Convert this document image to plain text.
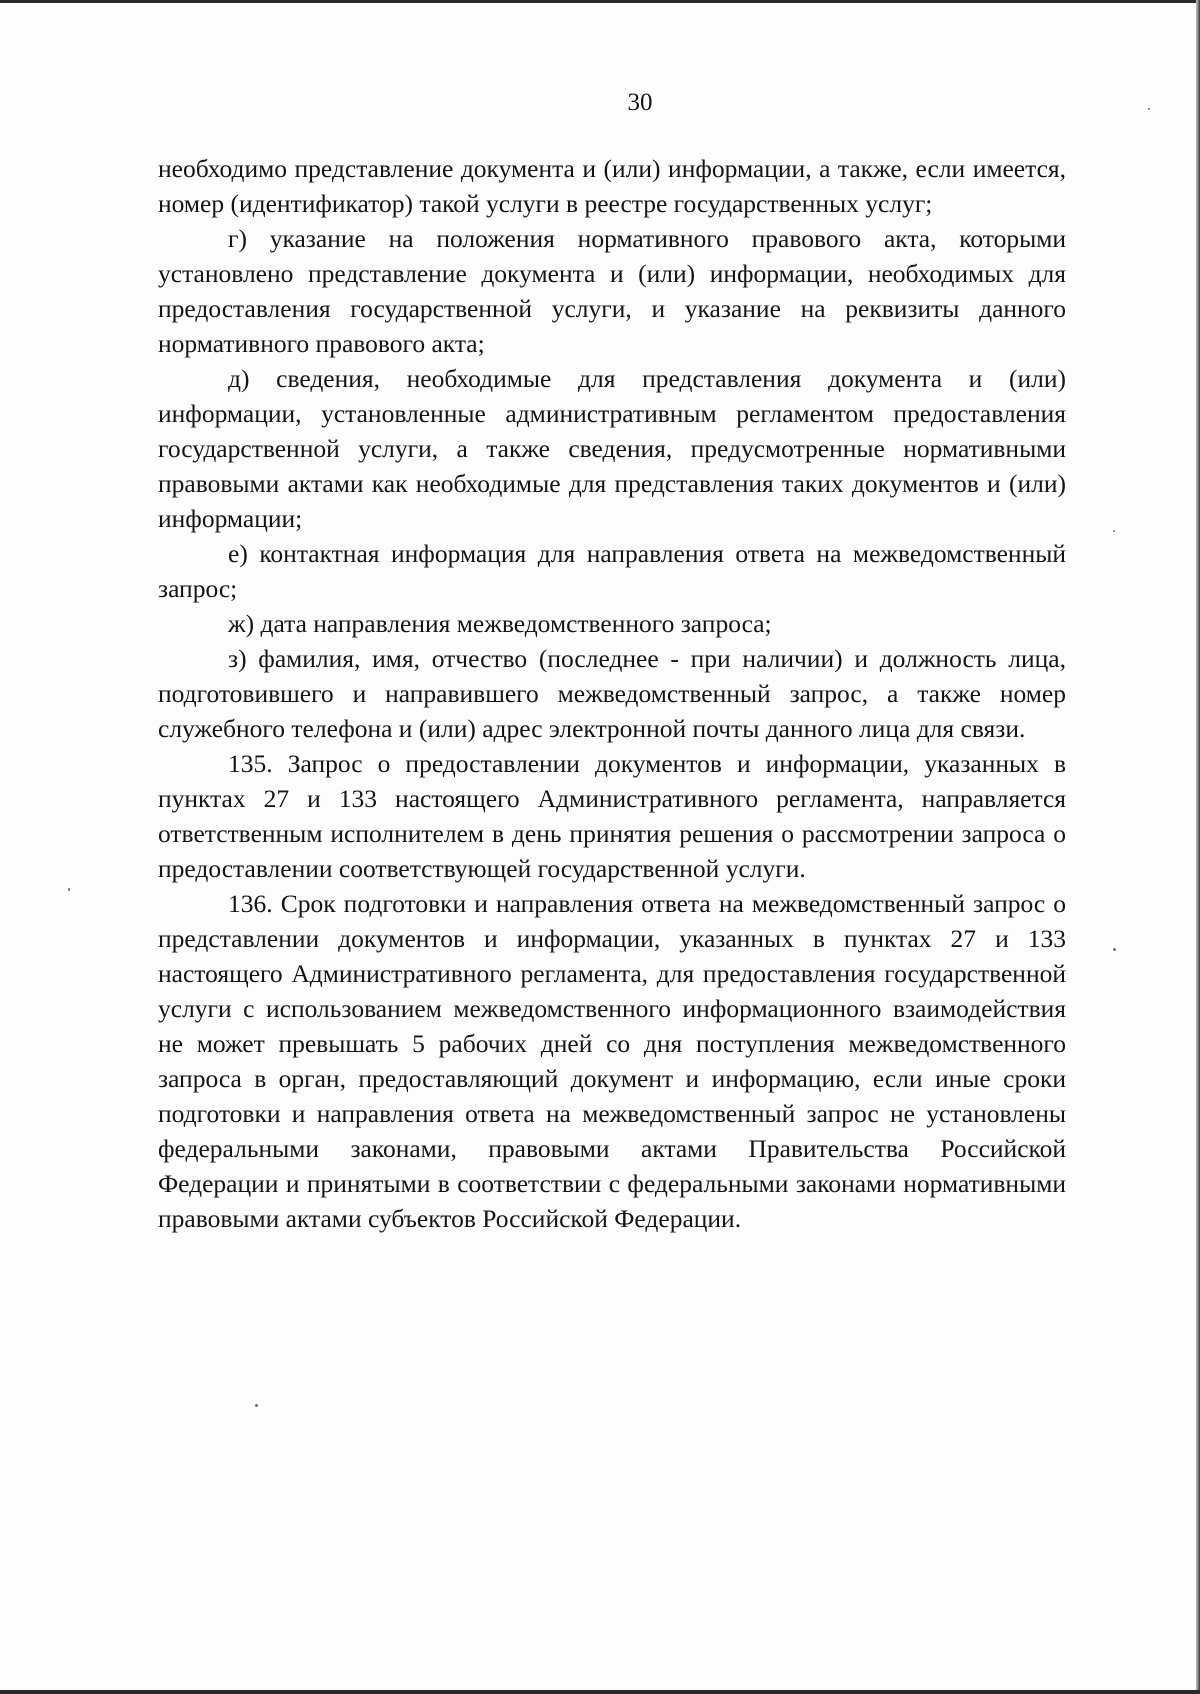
30

необходимо представление документа и (или) информации, а также, если имеется, номер (идентификатор) такой услуги в реестре государственных услуг;

г) указание на положения нормативного правового акта, которыми установлено представление документа и (или) информации, необходимых для предоставления государственной услуги, и указание на реквизиты данного нормативного правового акта;

д) сведения, необходимые для представления документа и (или) информации, установленные административным регламентом предоставления государственной услуги, а также сведения, предусмотренные нормативными правовыми актами как необходимые для представления таких документов и (или) информации;

е) контактная информация для направления ответа на межведомственный запрос;

ж) дата направления межведомственного запроса;

з) фамилия, имя, отчество (последнее - при наличии) и должность лица, подготовившего и направившего межведомственный запрос, а также номер служебного телефона и (или) адрес электронной почты данного лица для связи.

135. Запрос о предоставлении документов и информации, указанных в пунктах 27 и 133 настоящего Административного регламента, направляется ответственным исполнителем в день принятия решения о рассмотрении запроса о предоставлении соответствующей государственной услуги.

136. Срок подготовки и направления ответа на межведомственный запрос о представлении документов и информации, указанных в пунктах 27 и 133 настоящего Административного регламента, для предоставления государственной услуги с использованием межведомственного информационного взаимодействия не может превышать 5 рабочих дней со дня поступления межведомственного запроса в орган, предоставляющий документ и информацию, если иные сроки подготовки и направления ответа на межведомственный запрос не установлены федеральными законами, правовыми актами Правительства Российской Федерации и принятыми в соответствии с федеральными законами нормативными правовыми актами субъектов Российской Федерации.
